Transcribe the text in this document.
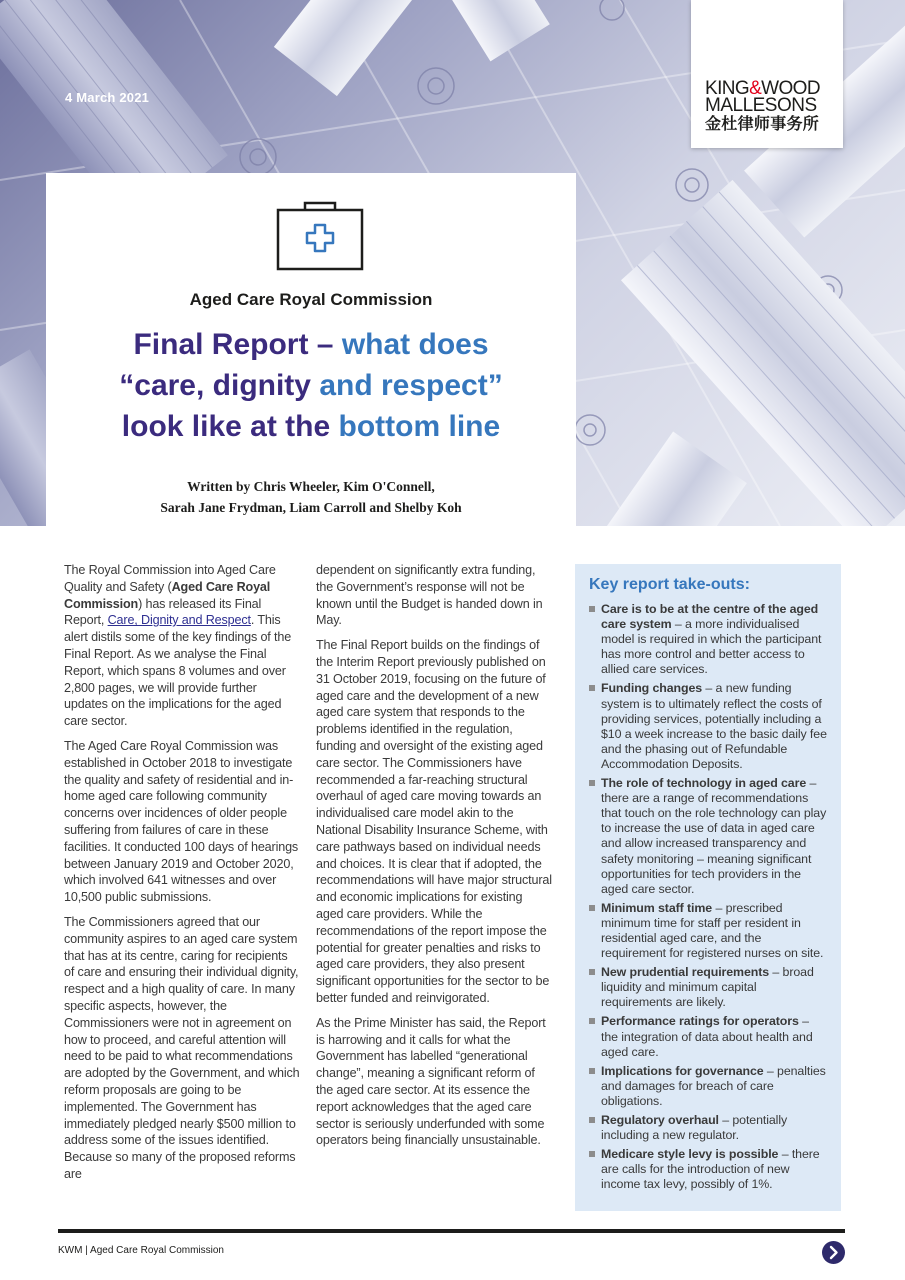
4 March 2021	KING&WOOD
MALLESONS
金杜律师事务所
Aged Care Royal Commission
Final Report – what does
“care, dignity and respect”
look like at the bottom line
Written by Chris Wheeler, Kim O'Connell,
Sarah Jane Frydman, Liam Carroll and Shelby Koh

The Royal Commission into Aged Care Quality and Safety (Aged Care Royal Commission) has released its Final Report, Care, Dignity and Respect. This alert distils some of the key findings of the Final Report. As we analyse the Final Report, which spans 8 volumes and over 2,800 pages, we will provide further updates on the implications for the aged care sector.

The Aged Care Royal Commission was established in October 2018 to investigate the quality and safety of residential and in-home aged care following community concerns over incidences of older people suffering from failures of care in these facilities. It conducted 100 days of hearings between January 2019 and October 2020, which involved 641 witnesses and over 10,500 public submissions.

The Commissioners agreed that our community aspires to an aged care system that has at its centre, caring for recipients of care and ensuring their individual dignity, respect and a high quality of care. In many specific aspects, however, the Commissioners were not in agreement on how to proceed, and careful attention will need to be paid to what recommendations are adopted by the Government, and which reform proposals are going to be implemented. The Government has immediately pledged nearly $500 million to address some of the issues identified. Because so many of the proposed reforms are

dependent on significantly extra funding, the Government’s response will not be known until the Budget is handed down in May.

The Final Report builds on the findings of the Interim Report previously published on 31 October 2019, focusing on the future of aged care and the development of a new aged care system that responds to the problems identified in the regulation, funding and oversight of the existing aged care sector. The Commissioners have recommended a far-reaching structural overhaul of aged care moving towards an individualised care model akin to the National Disability Insurance Scheme, with care pathways based on individual needs and choices. It is clear that if adopted, the recommendations will have major structural and economic implications for existing aged care providers. While the recommendations of the report impose the potential for greater penalties and risks to aged care providers, they also present significant opportunities for the sector to be better funded and reinvigorated.

As the Prime Minister has said, the Report is harrowing and it calls for what the Government has labelled “generational change”, meaning a significant reform of the aged care sector. At its essence the report acknowledges that the aged care sector is seriously underfunded with some operators being financially unsustainable.

Key report take-outs:
Care is to be at the centre of the aged care system – a more individualised model is required in which the participant has more control and better access to allied care services.
Funding changes – a new funding system is to ultimately reflect the costs of providing services, potentially including a $10 a week increase to the basic daily fee and the phasing out of Refundable Accommodation Deposits.
The role of technology in aged care – there are a range of recommendations that touch on the role technology can play to increase the use of data in aged care and allow increased transparency and safety monitoring – meaning significant opportunities for tech providers in the aged care sector.
Minimum staff time – prescribed minimum time for staff per resident in residential aged care, and the requirement for registered nurses on site.
New prudential requirements – broad liquidity and minimum capital requirements are likely.
Performance ratings for operators – the integration of data about health and aged care.
Implications for governance – penalties and damages for breach of care obligations.
Regulatory overhaul – potentially including a new regulator.
Medicare style levy is possible – there are calls for the introduction of new income tax levy, possibly of 1%.
KWM | Aged Care Royal Commission
